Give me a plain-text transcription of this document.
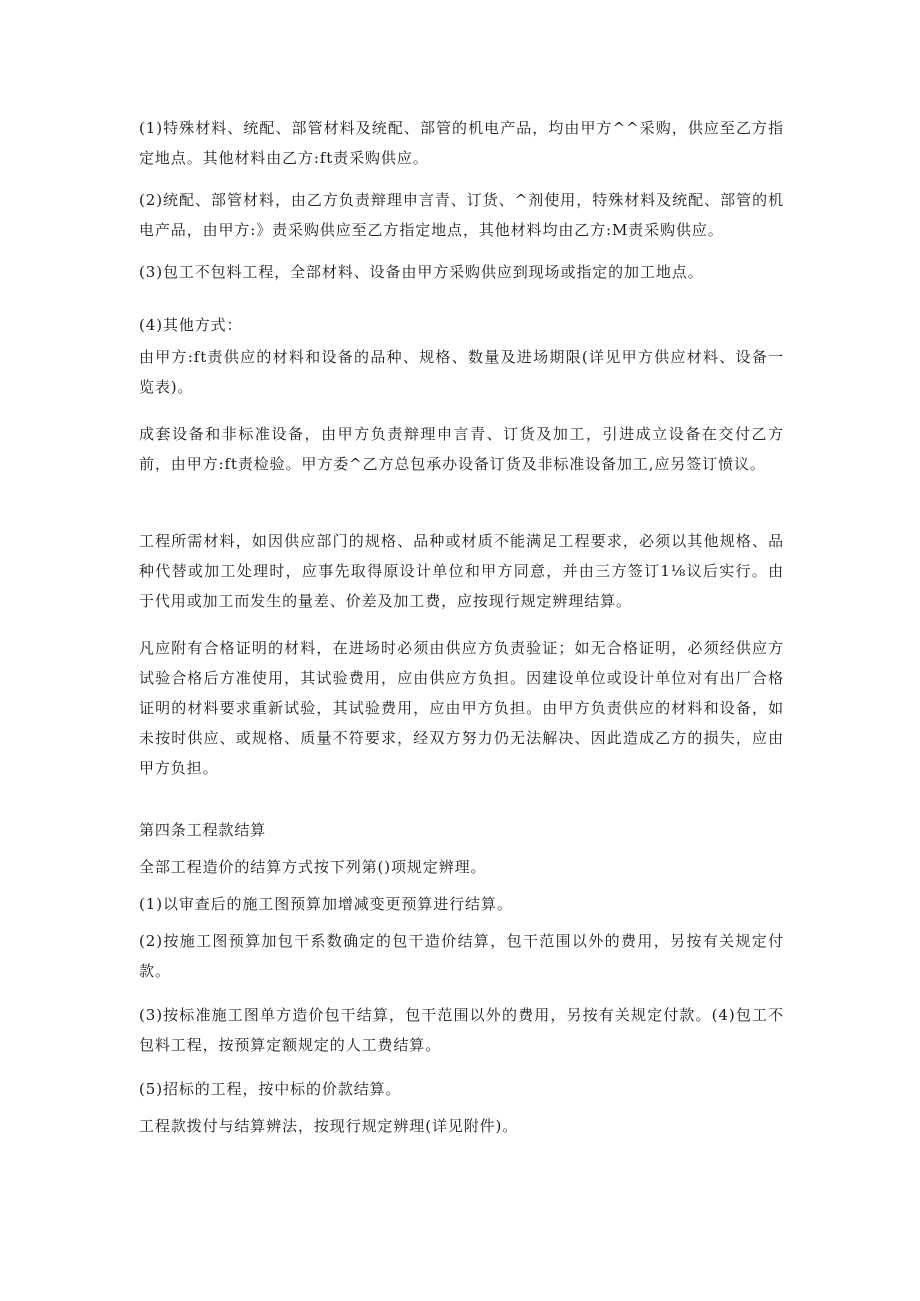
(1)特殊材料、统配、部管材料及统配、部管的机电产品，均由甲方^^采购，供应至乙方指定地点。其他材料由乙方:ft责采购供应。

(2)统配、部管材料，由乙方负责辩理申言青、订货、^剂使用，特殊材料及统配、部管的机电产品，由甲方:》责采购供应至乙方指定地点，其他材料均由乙方:M责采购供应。

(3)包工不包料工程，全部材料、设备由甲方采购供应到现场或指定的加工地点。

(4)其他方式：

由甲方:ft责供应的材料和设备的品种、规格、数量及进场期限(详见甲方供应材料、设备一览表)。

成套设备和非标准设备，由甲方负责辩理申言青、订货及加工，引进成立设备在交付乙方前，由甲方:ft责检验。甲方委^乙方总包承办设备订货及非标准设备加工,应另签订愤议。

工程所需材料，如因供应部门的规格、品种或材质不能满足工程要求，必须以其他规格、品种代替或加工处理时，应事先取得原设计单位和甲方同意，并由三方签订1⅛议后实行。由于代用或加工而发生的量差、价差及加工费，应按现行规定辨理结算。

凡应附有合格证明的材料，在进场时必须由供应方负责验证；如无合格证明，必须经供应方试验合格后方准使用，其试验费用，应由供应方负担。因建设单位或设计单位对有出厂合格证明的材料要求重新试验，其试验费用，应由甲方负担。由甲方负责供应的材料和设备，如未按时供应、或规格、质量不符要求，经双方努力仍无法解决、因此造成乙方的损失，应由甲方负担。

第四条工程款结算

全部工程造价的结算方式按下列第()项规定辨理。

(1)以审查后的施工图预算加增减变更预算进行结算。

(2)按施工图预算加包干系数确定的包干造价结算，包干范围以外的费用，另按有关规定付款。

(3)按标准施工图单方造价包干结算，包干范围以外的费用，另按有关规定付款。(4)包工不包料工程，按预算定额规定的人工费结算。

(5)招标的工程，按中标的价款结算。

工程款拨付与结算辨法，按现行规定辨理(详见附件)。
